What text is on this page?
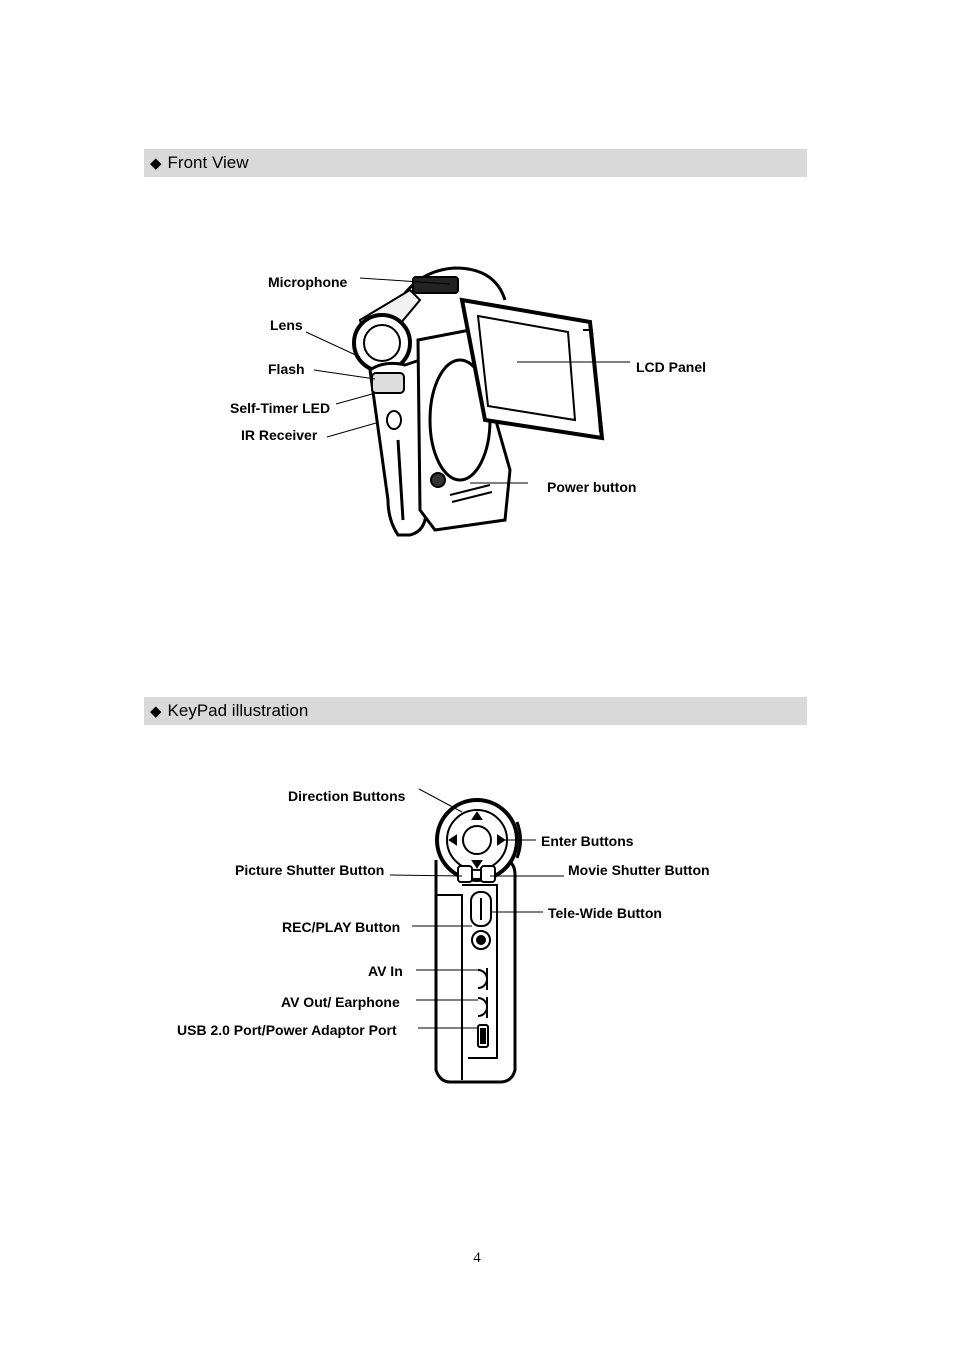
◆ Front View
◆ KeyPad illustration
Microphone
Lens
Flash
Self-Timer LED
IR Receiver
LCD Panel
Power button
Direction Buttons
Enter Buttons
Picture Shutter Button	Movie Shutter Button
Tele-Wide Button
REC/PLAY Button
AV In
AV Out/ Earphone
USB 2.0 Port/Power Adaptor Port
4
